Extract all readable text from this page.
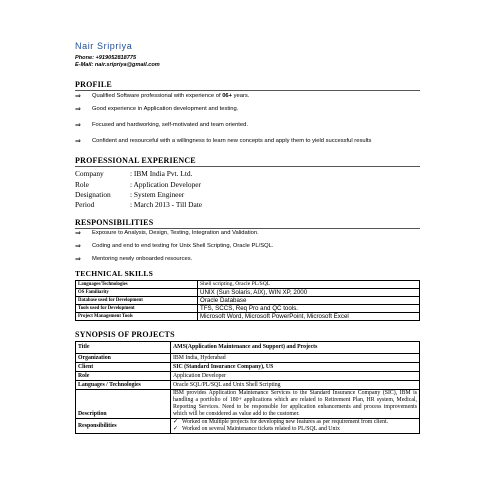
Nair Sripriya
Phone: +919052818775
E-Mail: nair.sripriya@gmail.com
PROFILE
⇒ Qualified Software professional with experience of 06+ years.
⇒ Good experience in Application development and testing.
⇒ Focused and hardworking, self-motivated and team oriented.
⇒ Confident and resourceful with a willingness to learn new concepts and apply them to yield successful results
PROFESSIONAL EXPERIENCE
Company	: IBM India Pvt. Ltd.
Role	: Application Developer
Designation	: System Engineer
Period	: March 2013 - Till Date
RESPONSIBILITIES
⇒ Exposure to Analysis, Design, Testing, Integration and Validation.
⇒ Coding and end to end testing for Unix Shell Scripting, Oracle PL/SQL.
⇒ Mentoring newly onboarded resources.
TECHNICAL SKILLS
Languages/Technologies	Shell scripting, Oracle PL/SQL
OS Familiarity	UNIX (Sun Solaris, AIX), WIN XP, 2000
Database used for Development	Oracle Database
Tools used for Development	TFS, SCCS, Req Pro and QC tools.
Project Management Tools	Microsoft Word, Microsoft PowerPoint, Microsoft Excel
SYNOPSIS OF PROJECTS
Title	AMS(Application Maintenance and Support) and Projects
Organization	IBM India, Hyderabad
Client	SIC (Standard Insurance Company), US
Role	Application Developer
Languages / Technologies	Oracle SQL/PL/SQL and Unix Shell Scripting
Description	IBM provides Application Maintenance Services to the Standard Insurance Company (SIC), IBM is handling a portfolio of 180+ applications which are related to Retirement Plan, HR system, Medical, Reporting Services. Need to be responsible for application enhancements and process improvements which will be considered as value add to the customer.
Responsibilities	✓ Worked on Multiple projects for developing new features as per requirement from client.
✓ Worked on several Maintenance tickets related to PL/SQL and Unix
